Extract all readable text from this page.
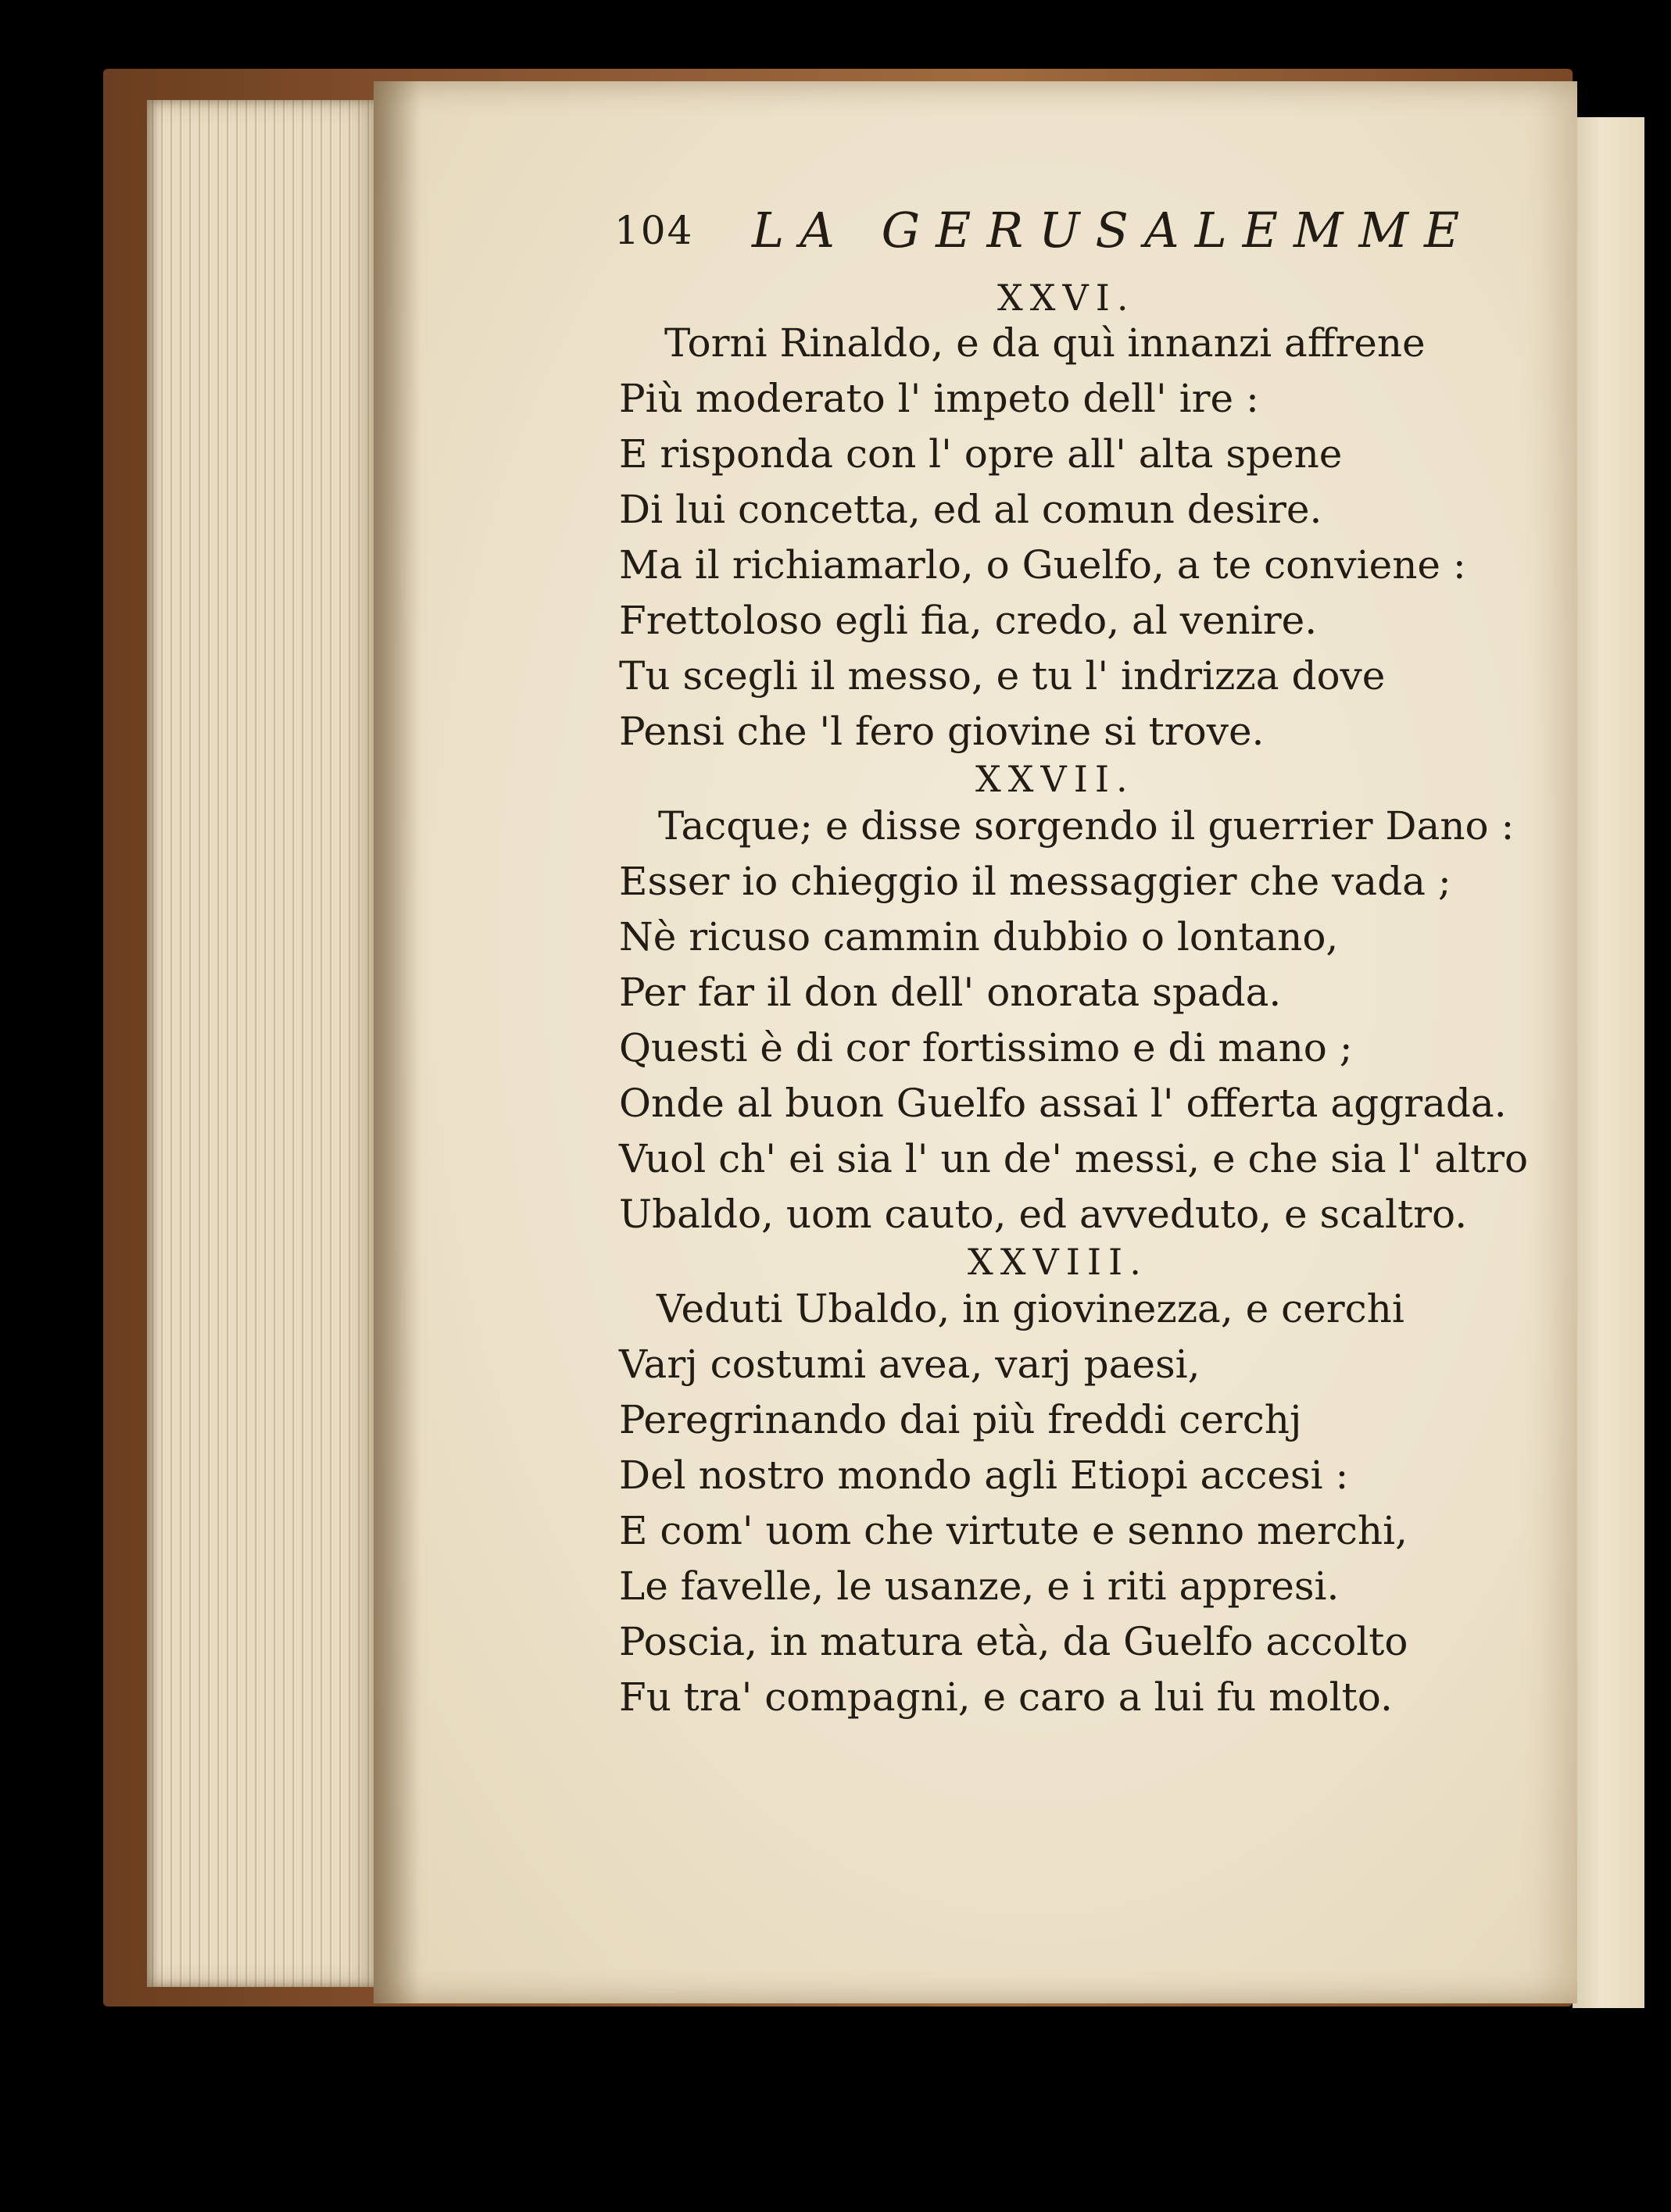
104 LA GERUSALEMME
XXVI.
Torni Rinaldo, e da quì innanzi affrene
Più moderato l' impeto dell' ire :
E risponda con l' opre all' alta spene
Di lui concetta, ed al comun desire.
Ma il richiamarlo, o Guelfo, a te conviene :
Frettoloso egli fia, credo, al venire.
Tu scegli il messo, e tu l' indrizza dove
Pensi che 'l fero giovine si trove.
XXVII.
Tacque; e disse sorgendo il guerrier Dano :
Esser io chieggio il messaggier che vada ;
Nè ricuso cammin dubbio o lontano,
Per far il don dell' onorata spada.
Questi è di cor fortissimo e di mano ;
Onde al buon Guelfo assai l' offerta aggrada.
Vuol ch' ei sia l' un de' messi, e che sia l' altro
Ubaldo, uom cauto, ed avveduto, e scaltro.
XXVIII.
Veduti Ubaldo, in giovinezza, e cerchi
Varj costumi avea, varj paesi,
Peregrinando dai più freddi cerchj
Del nostro mondo agli Etiopi accesi :
E com' uom che virtute e senno merchi,
Le favelle, le usanze, e i riti appresi.
Poscia, in matura età, da Guelfo accolto
Fu tra' compagni, e caro a lui fu molto.
